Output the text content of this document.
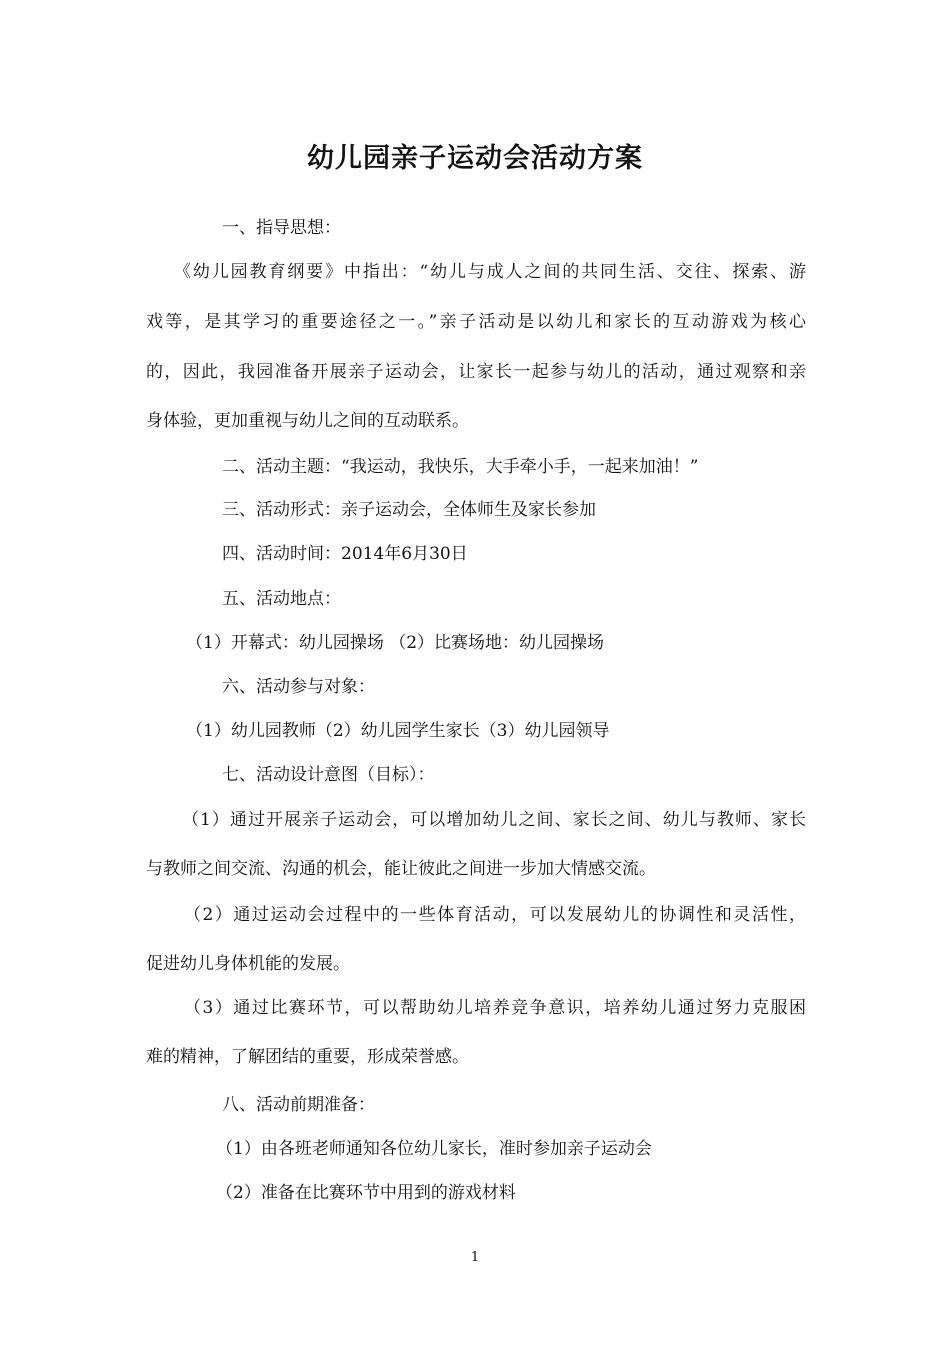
幼儿园亲子运动会活动方案
一、指导思想：
《幼儿园教育纲要》中指出：“幼儿与成人之间的共同生活、交往、探索、游
戏等，是其学习的重要途径之一。”亲子活动是以幼儿和家长的互动游戏为核心
的，因此，我园准备开展亲子运动会，让家长一起参与幼儿的活动，通过观察和亲
身体验，更加重视与幼儿之间的互动联系。
二、活动主题：“我运动，我快乐，大手牵小手，一起来加油！”
三、活动形式：亲子运动会，全体师生及家长参加
四、活动时间：2014年6月30日
五、活动地点：
（1）开幕式：幼儿园操场 （2）比赛场地：幼儿园操场
六、活动参与对象：
（1）幼儿园教师（2）幼儿园学生家长（3）幼儿园领导
七、活动设计意图（目标）：
（1）通过开展亲子运动会，可以增加幼儿之间、家长之间、幼儿与教师、家长
与教师之间交流、沟通的机会，能让彼此之间进一步加大情感交流。
（2）通过运动会过程中的一些体育活动，可以发展幼儿的协调性和灵活性，
促进幼儿身体机能的发展。
（3）通过比赛环节，可以帮助幼儿培养竞争意识，培养幼儿通过努力克服困
难的精神，了解团结的重要，形成荣誉感。
八、活动前期准备：
（1）由各班老师通知各位幼儿家长，准时参加亲子运动会
（2）准备在比赛环节中用到的游戏材料
1
